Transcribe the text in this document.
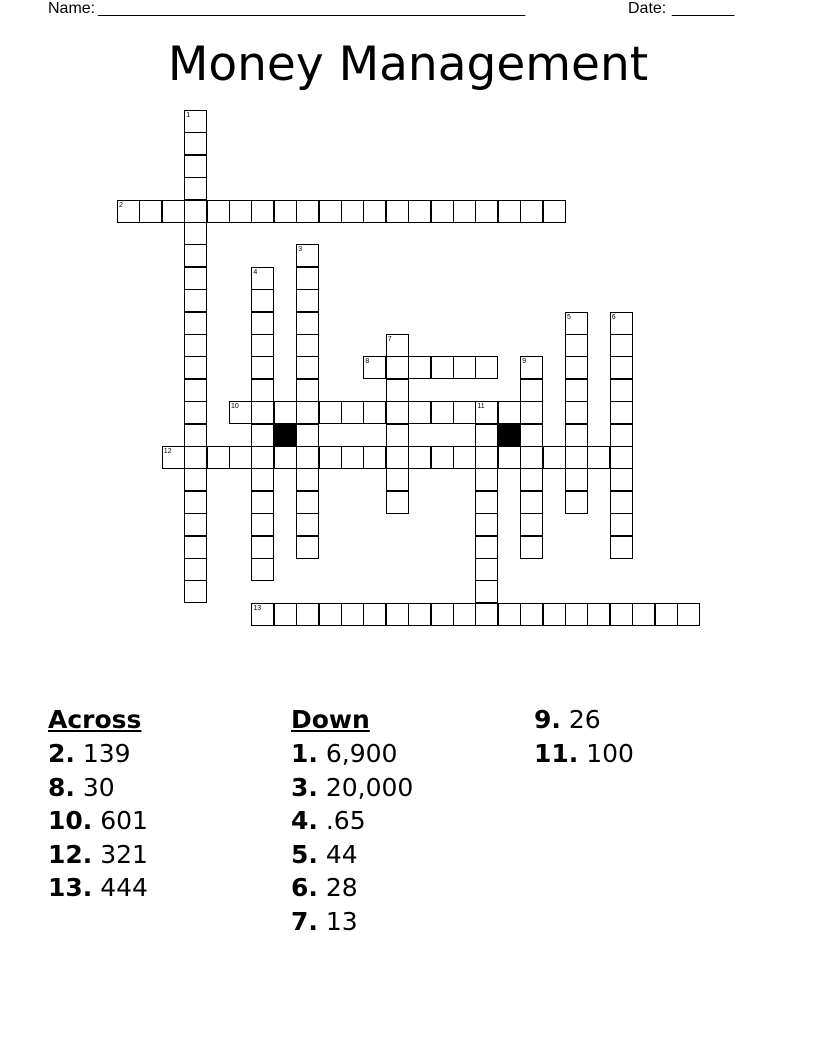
Name: ________________________________________________	Date: _______
Money Management
1
2
3
4
5	6
7
8	9
10	11
12
13
Across
2. 139
8. 30
10. 601
12. 321
13. 444
Down
1. 6,900
3. 20,000
4. .65
5. 44
6. 28
7. 13
9. 26
11. 100
